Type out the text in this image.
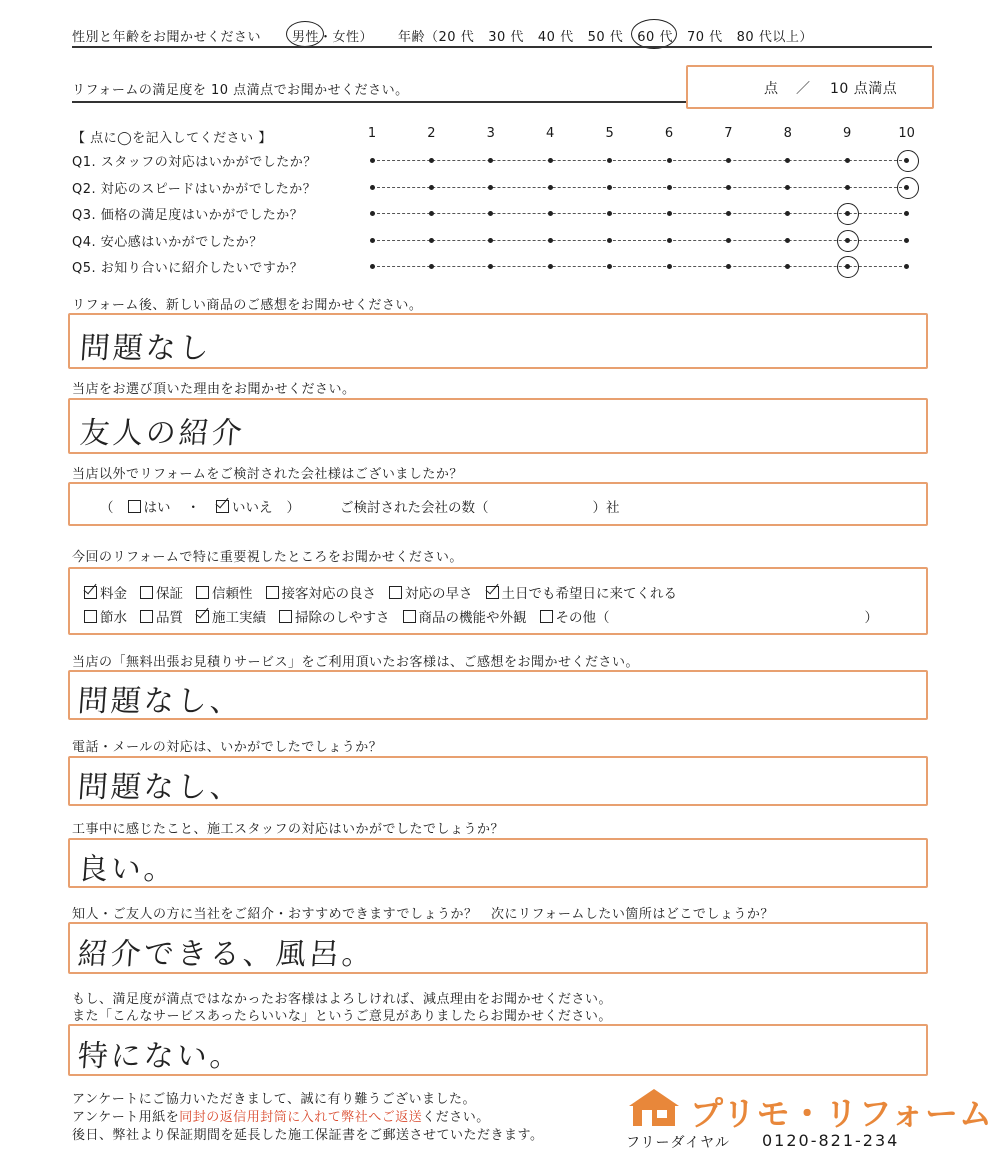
性別と年齢をお聞かせください 男性 ・ 女性 ） 年齢（ 20 代 30 代 40 代 50 代 60 代 70 代 80 代以上）
リフォームの満足度を 10 点満点でお聞かせください。	点 ／ 10 点満点
【 点に◯を記入してください 】	1	2	3	4	5	6	7	8	9	10
Q1. スタッフの対応はいかがでしたか？
Q2. 対応のスピードはいかがでしたか？
Q3. 価格の満足度はいかがでしたか？
Q4. 安心感はいかがでしたか？
Q5. お知り合いに紹介したいですか？
リフォーム後、新しい商品のご感想をお聞かせください。
問題なし
当店をお選び頂いた理由をお聞かせください。
友人の紹介
当店以外でリフォームをご検討された会社様はございましたか？
（ はい ・ いいえ ）	ご検討された会社の数（	）社
今回のリフォームで特に重要視したところをお聞かせください。
料金 保証 信頼性 接客対応の良さ 対応の早さ 土日でも希望日に来てくれる
節水 品質 施工実績 掃除のしやすさ 商品の機能や外観 その他（	）
当店の「無料出張お見積りサービス」をご利用頂いたお客様は、ご感想をお聞かせください。
問題なし、
電話・メールの対応は、いかがでしたでしょうか？
問題なし、
工事中に感じたこと、施工スタッフの対応はいかがでしたでしょうか？
良い。
知人・ご友人の方に当社をご紹介・おすすめできますでしょうか？　次にリフォームしたい箇所はどこでしょうか？
紹介できる、風呂。
もし、満足度が満点ではなかったお客様はよろしければ、減点理由をお聞かせください。
また「こんなサービスあったらいいな」というご意見がありましたらお聞かせください。
特にない。
アンケートにご協力いただきまして、誠に有り難うございました。
アンケート用紙を 同封の返信用封筒に入れて弊社へご返送 ください。
後日、弊社より保証期間を延長した施工保証書をご郵送させていただきます。
プリモ・リフォーム
フリーダイヤル 0120-821-234
